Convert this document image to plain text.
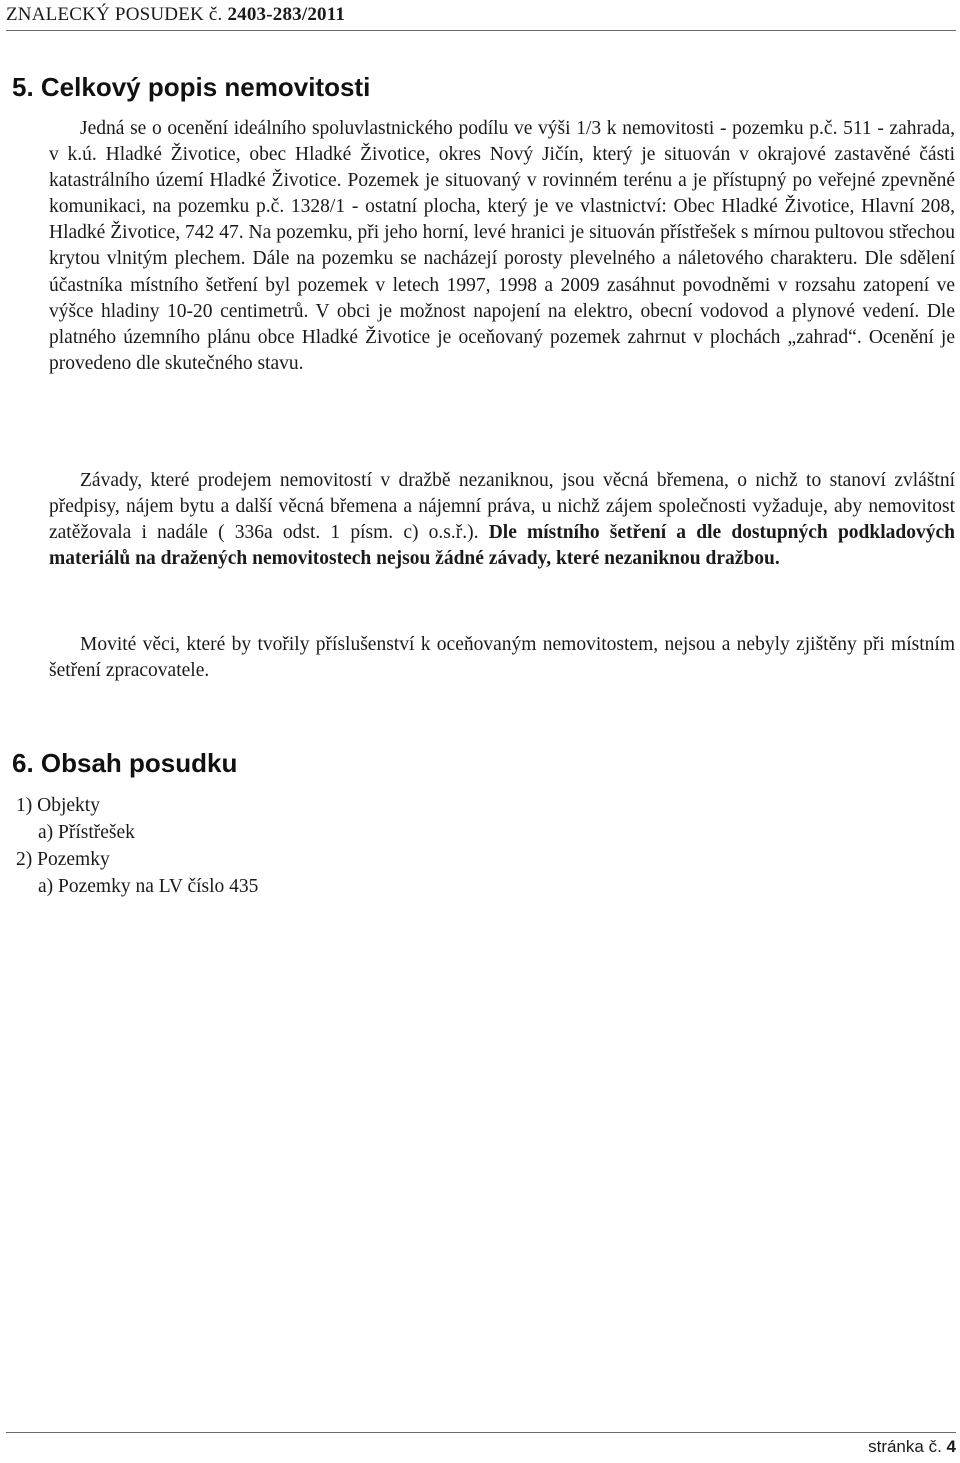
ZNALECKÝ POSUDEK č. 2403-283/2011
5. Celkový popis nemovitosti

Jedná se o ocenění ideálního spoluvlastnického podílu ve výši 1/3 k nemovitosti - pozemku p.č. 511 - zahrada, v k.ú. Hladké Životice, obec Hladké Životice, okres Nový Jičín, který je situován v okrajové zastavěné části katastrálního území Hladké Životice. Pozemek je situovaný v rovinném terénu a je přístupný po veřejné zpevněné komunikaci, na pozemku p.č. 1328/1 - ostatní plocha, který je ve vlastnictví: Obec Hladké Životice, Hlavní 208, Hladké Životice, 742 47. Na pozemku, při jeho horní, levé hranici je situován přístřešek s mírnou pultovou střechou krytou vlnitým plechem. Dále na pozemku se nacházejí porosty plevelného a náletového charakteru. Dle sdělení účastníka místního šetření byl pozemek v letech 1997, 1998 a 2009 zasáhnut povodněmi v rozsahu zatopení ve výšce hladiny 10-20 centimetrů. V obci je možnost napojení na elektro, obecní vodovod a plynové vedení. Dle platného územního plánu obce Hladké Životice je oceňovaný pozemek zahrnut v plochách „zahrad“. Ocenění je provedeno dle skutečného stavu.

Závady, které prodejem nemovitostí v dražbě nezaniknou, jsou věcná břemena, o nichž to stanoví zvláštní předpisy, nájem bytu a další věcná břemena a nájemní práva, u nichž zájem společnosti vyžaduje, aby nemovitost zatěžovala i nadále ( 336a odst. 1 písm. c) o.s.ř.). Dle místního šetření a dle dostupných podkladových materiálů na dražených nemovitostech nejsou žádné závady, které nezaniknou dražbou.

Movité věci, které by tvořily příslušenství k oceňovaným nemovitostem, nejsou a nebyly zjištěny při místním šetření zpracovatele.

6. Obsah posudku
1) Objekty
a) Přístřešek
2) Pozemky
a) Pozemky na LV číslo 435
stránka č. 4
